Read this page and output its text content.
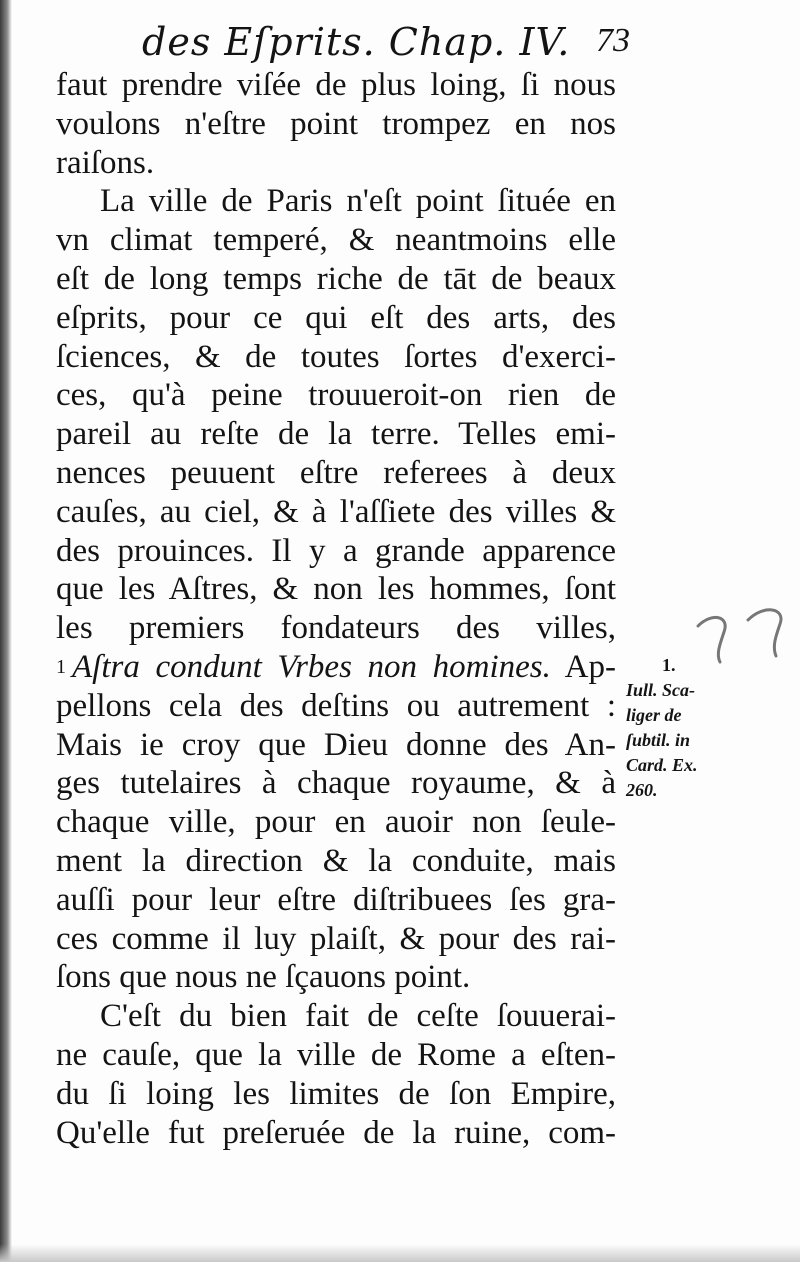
des Eſprits. Chap. IV. 73
faut prendre viſée de plus loing, ſi nous
voulons n'eſtre point trompez en nos
raiſons.
La ville de Paris n'eſt point ſituée en
vn climat temperé, & neantmoins elle
eſt de long temps riche de tāt de beaux
eſprits, pour ce qui eſt des arts, des
ſciences, & de toutes ſortes d'exerci-
ces, qu'à peine trouueroit-on rien de
pareil au reſte de la terre. Telles emi-
nences peuuent eſtre referees à deux
cauſes, au ciel, & à l'aſſiete des villes &
des prouinces. Il y a grande apparence
que les Aſtres, & non les hommes, ſont
les premiers fondateurs des villes,
1 Aſtra condunt Vrbes non homines. Ap-
pellons cela des deſtins ou autrement :
Mais ie croy que Dieu donne des An-
ges tutelaires à chaque royaume, & à
chaque ville, pour en auoir non ſeule-
ment la direction & la conduite, mais
auſſi pour leur eſtre diſtribuees ſes gra-
ces comme il luy plaiſt, & pour des rai-
ſons que nous ne ſçauons point.
C'eſt du bien fait de ceſte ſouuerai-
ne cauſe, que la ville de Rome a eſten-
du ſi loing les limites de ſon Empire,
Qu'elle fut preſeruée de la ruine, com-
1.
Iull. Sca-
liger de
ſubtil. in
Card. Ex.
260.
